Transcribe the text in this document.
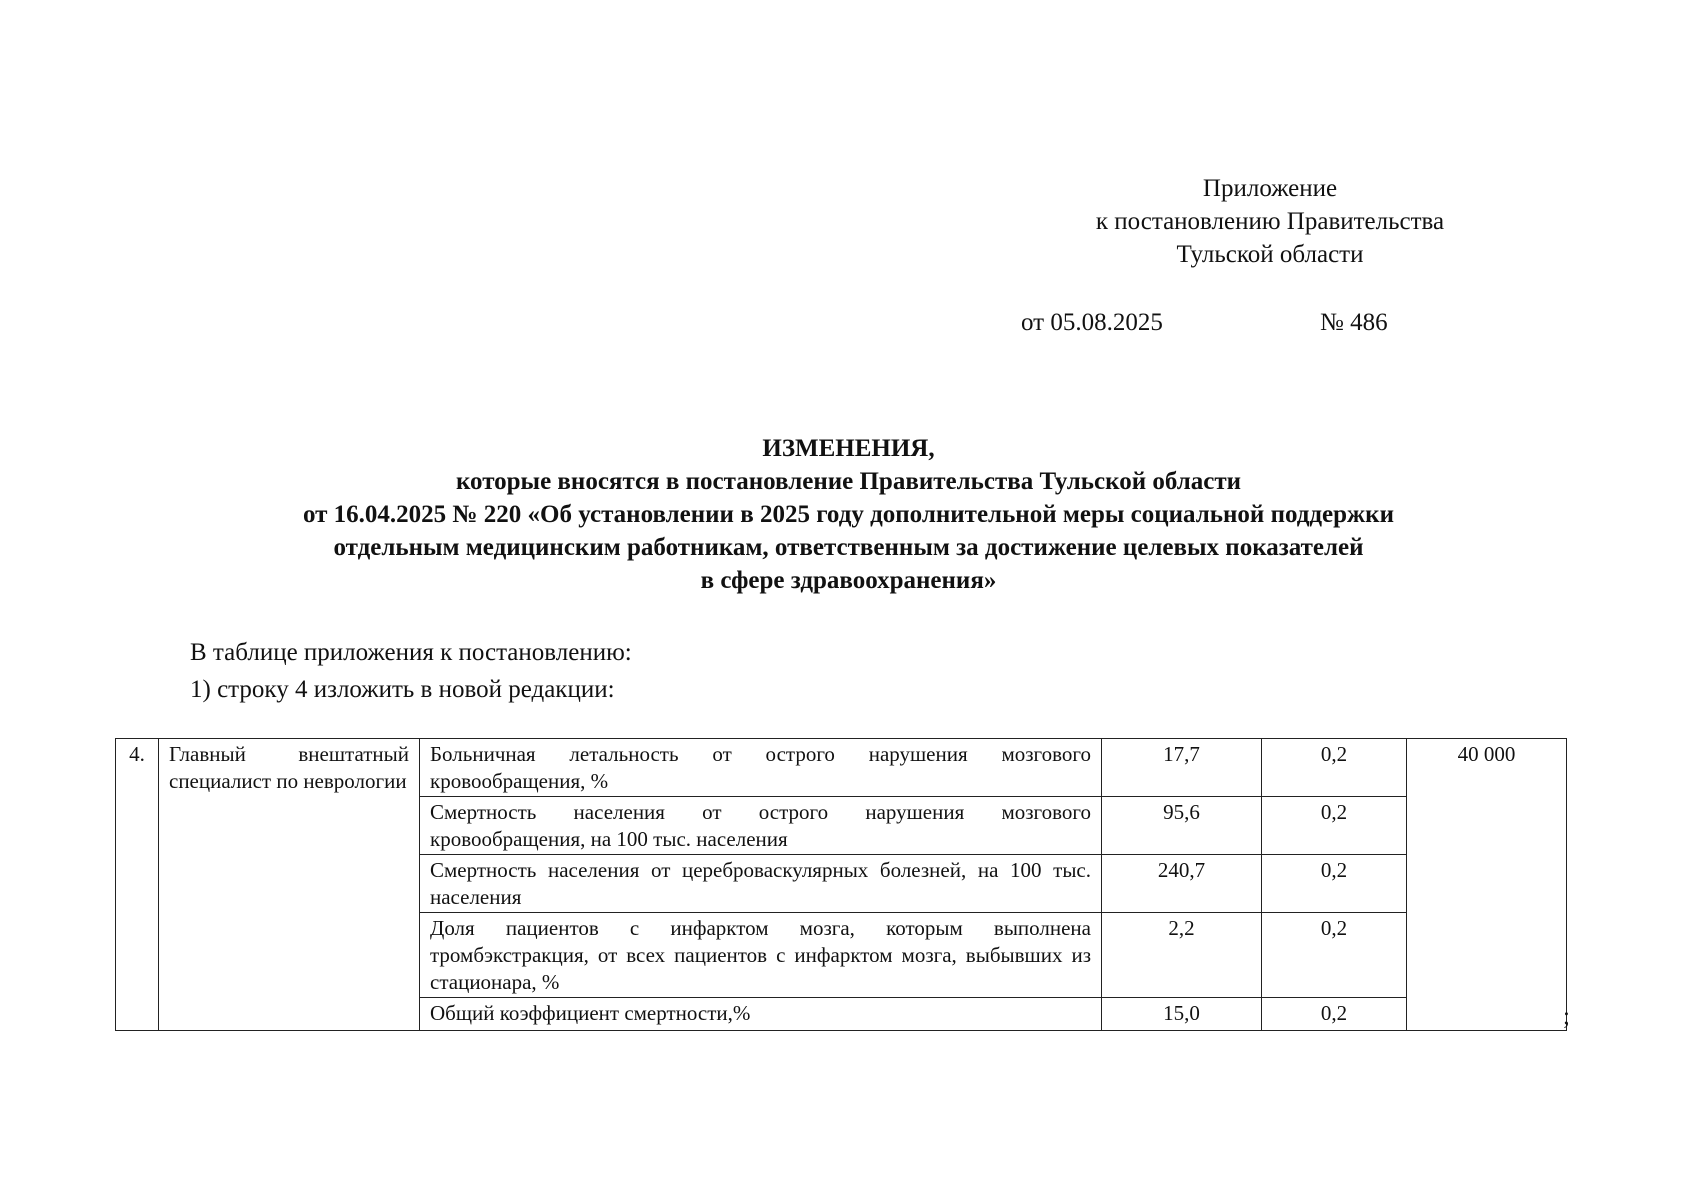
Приложение
к постановлению Правительства
Тульской области
от 05.08.2025	№ 486
ИЗМЕНЕНИЯ,
которые вносятся в постановление Правительства Тульской области
от 16.04.2025 № 220 «Об установлении в 2025 году дополнительной меры социальной поддержки
отдельным медицинским работникам, ответственным за достижение целевых показателей
в сфере здравоохранения»
В таблице приложения к постановлению:
1) строку 4 изложить в новой редакции:
4.	Главный внештатный специалист по неврологии	Больничная летальность от острого нарушения мозгового кровообращения, %	17,7	0,2	40 000
		Смертность населения от острого нарушения мозгового кровообращения, на 100 тыс. населения	95,6	0,2	
		Смертность населения от цереброваскулярных болезней, на 100 тыс. населения	240,7	0,2	
		Доля пациентов с инфарктом мозга, которым выполнена тромбэкстракция, от всех пациентов с инфарктом мозга, выбывших из стационара, %	2,2	0,2	
		Общий коэффициент смертности,%	15,0	0,2		;
